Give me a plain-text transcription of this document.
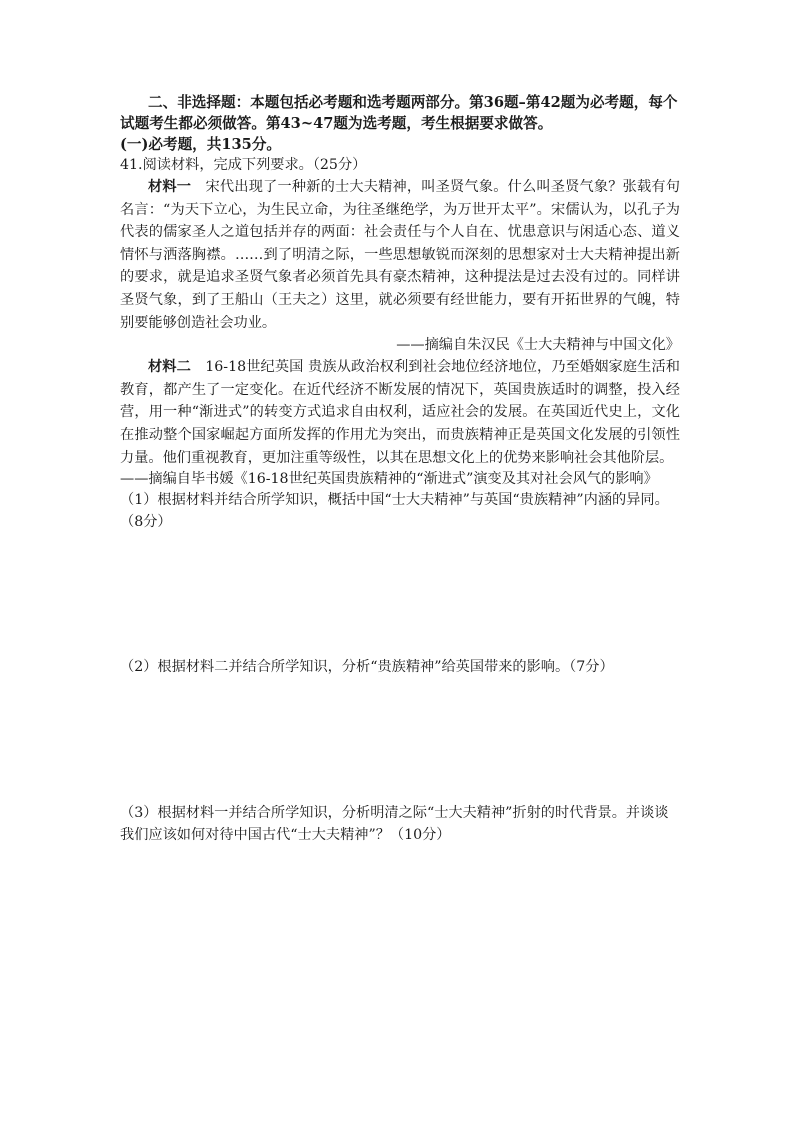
二、非选择题：本题包括必考题和选考题两部分。第36题–第42题为必考题，每个试题考生都必须做答。第43~47题为选考题，考生根据要求做答。
(一)必考题，共135分。

41.阅读材料，完成下列要求。（25分）

材料一　宋代出现了一种新的士大夫精神，叫圣贤气象。什么叫圣贤气象？张载有句名言：“为天下立心，为生民立命，为往圣继绝学，为万世开太平”。宋儒认为，以孔子为代表的儒家圣人之道包括并存的两面：社会责任与个人自在、忧患意识与闲适心态、道义情怀与洒落胸襟。……到了明清之际，一些思想敏锐而深刻的思想家对士大夫精神提出新的要求，就是追求圣贤气象者必须首先具有豪杰精神，这种提法是过去没有过的。同样讲圣贤气象，到了王船山（王夫之）这里，就必须要有经世能力，要有开拓世界的气魄，特别要能够创造社会功业。

——摘编自朱汉民《士大夫精神与中国文化》

材料二　16-18世纪英国 贵族从政治权利到社会地位经济地位，乃至婚姻家庭生活和教育，都产生了一定变化。在近代经济不断发展的情况下，英国贵族适时的调整，投入经营，用一种“渐进式”的转变方式追求自由权利，适应社会的发展。在英国近代史上，文化在推动整个国家崛起方面所发挥的作用尤为突出，而贵族精神正是英国文化发展的引领性力量。他们重视教育，更加注重等级性，以其在思想文化上的优势来影响社会其他阶层。

——摘编自毕书媛《16-18世纪英国贵族精神的“渐进式”演变及其对社会风气的影响》

（1）根据材料并结合所学知识，概括中国“士大夫精神”与英国“贵族精神”内涵的异同。（8分）

（2）根据材料二并结合所学知识，分析“贵族精神”给英国带来的影响。（7分）

（3）根据材料一并结合所学知识，分析明清之际“士大夫精神”折射的时代背景。并谈谈我们应该如何对待中国古代“士大夫精神”？（10分）
